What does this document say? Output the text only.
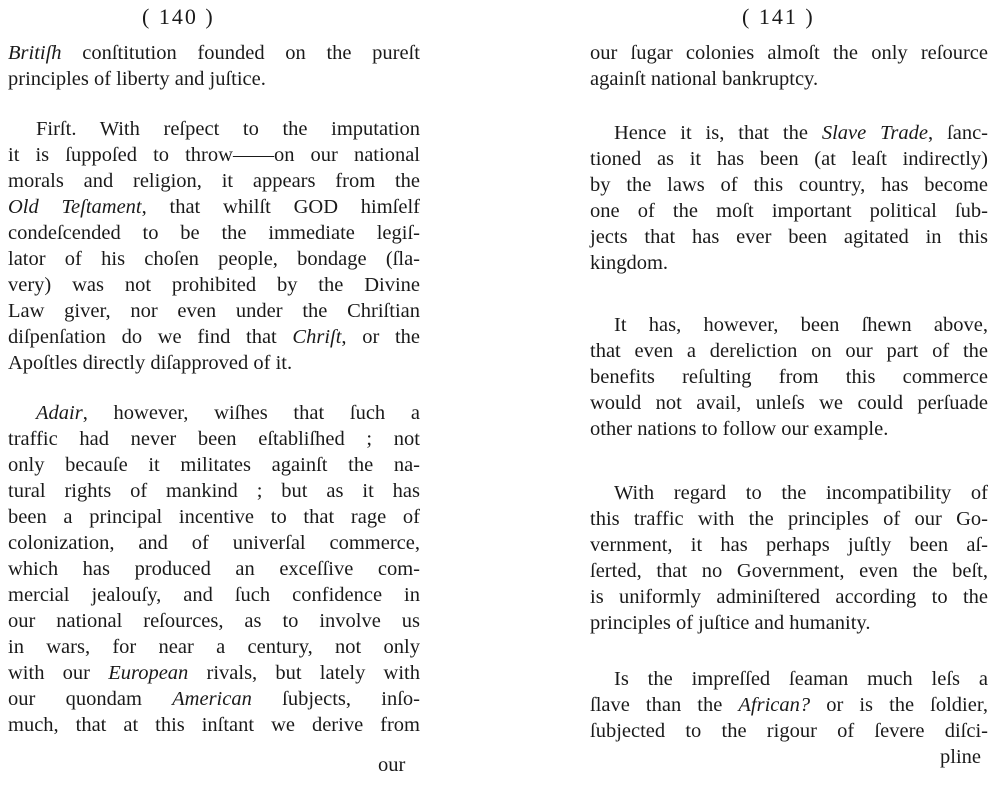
( 140 )

Britiſh conſtitution founded on the pureſt

principles of liberty and juſtice.

Firſt. With reſpect to the imputation

it is ſuppoſed to throw——on our national

morals and religion, it appears from the

Old Teſtament, that whilſt GOD himſelf

condeſcended to be the immediate legiſ-

lator of his choſen people, bondage (ſla-

very) was not prohibited by the Divine

Law giver, nor even under the Chriſtian

diſpenſation do we find that Chriſt, or the

Apoſtles directly diſapproved of it.

Adair, however, wiſhes that ſuch a

traffic had never been eſtabliſhed ; not

only becauſe it militates againſt the na-

tural rights of mankind ; but as it has

been a principal incentive to that rage of

colonization, and of univerſal commerce,

which has produced an exceſſive com-

mercial jealouſy, and ſuch confidence in

our national reſources, as to involve us

in wars, for near a century, not only

with our European rivals, but lately with

our quondam American ſubjects, inſo-

much, that at this inſtant we derive from

our

( 141 )

our ſugar colonies almoſt the only reſource

againſt national bankruptcy.

Hence it is, that the Slave Trade, ſanc-

tioned as it has been (at leaſt indirectly)

by the laws of this country, has become

one of the moſt important political ſub-

jects that has ever been agitated in this

kingdom.

It has, however, been ſhewn above,

that even a dereliction on our part of the

benefits reſulting from this commerce

would not avail, unleſs we could perſuade

other nations to follow our example.

With regard to the incompatibility of

this traffic with the principles of our Go-

vernment, it has perhaps juſtly been aſ-

ſerted, that no Government, even the beſt,

is uniformly adminiſtered according to the

principles of juſtice and humanity.

Is the impreſſed ſeaman much leſs a

ſlave than the African? or is the ſoldier,

ſubjected to the rigour of ſevere diſci-

pline
